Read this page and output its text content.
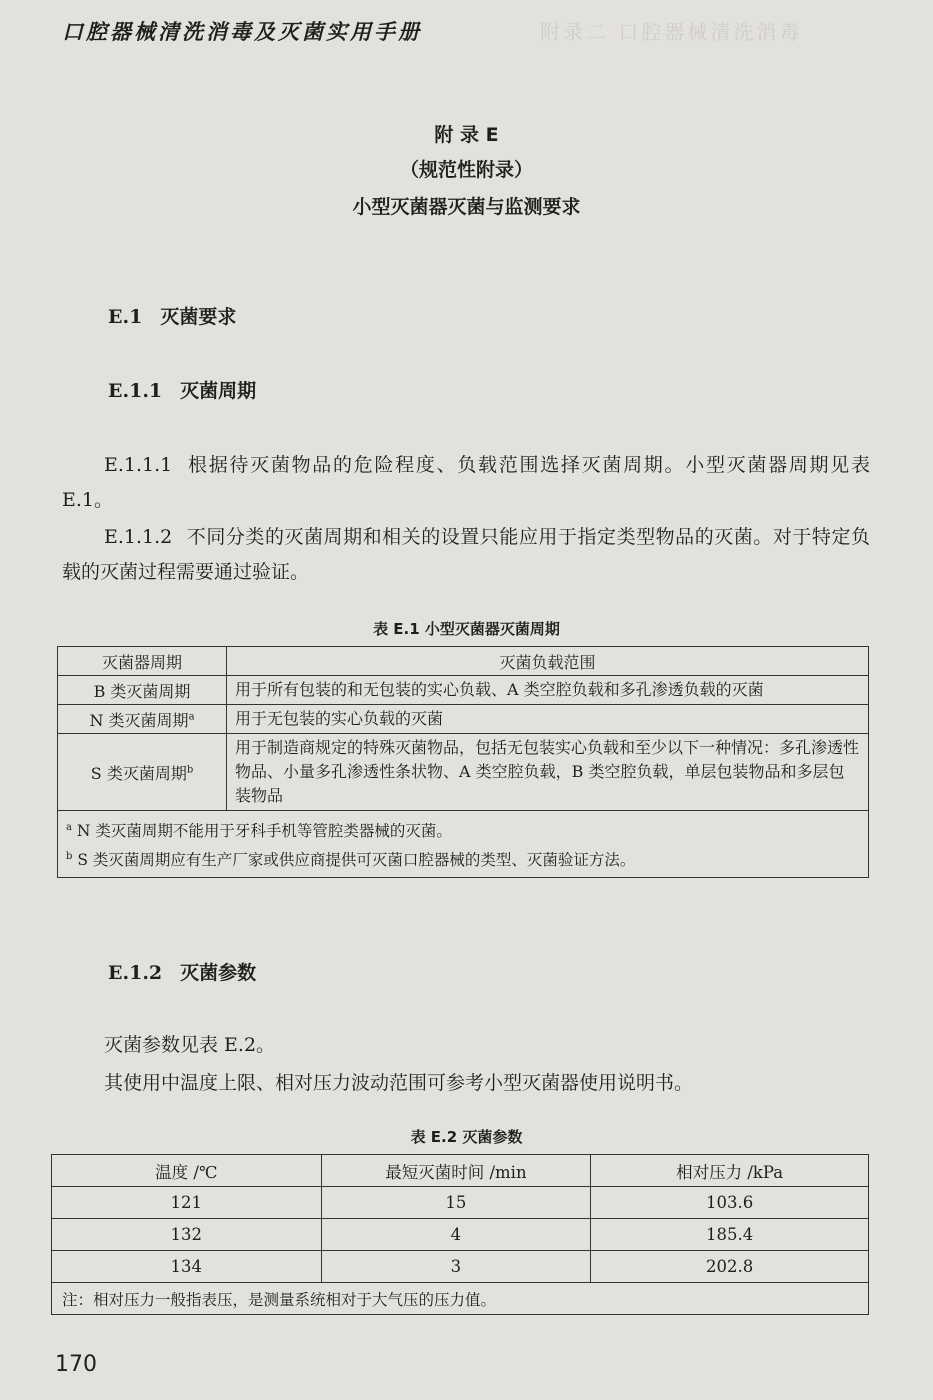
口腔器械清洗消毒及灭菌实用手册	附录二 口腔器械清洗消毒
附 录 E
（规范性附录）
小型灭菌器灭菌与监测要求
E.1 灭菌要求
E.1.1 灭菌周期
E.1.1.1 根据待灭菌物品的危险程度、负载范围选择灭菌周期。小型灭菌器周期见表 E.1。
E.1.1.2 不同分类的灭菌周期和相关的设置只能应用于指定类型物品的灭菌。对于特定负载的灭菌过程需要通过验证。
表 E.1 小型灭菌器灭菌周期
灭菌器周期	灭菌负载范围
B 类灭菌周期	用于所有包装的和无包装的实心负载、A 类空腔负载和多孔渗透负载的灭菌
N 类灭菌周期$^a$	用于无包装的实心负载的灭菌
S 类灭菌周期$^b$	用于制造商规定的特殊灭菌物品，包括无包装实心负载和至少以下一种情况：多孔渗透性物品、小量多孔渗透性条状物、A 类空腔负载，B 类空腔负载，单层包装物品和多层包装物品

$^a$ N 类灭菌周期不能用于牙科手机等管腔类器械的灭菌。
$^b$ S 类灭菌周期应有生产厂家或供应商提供可灭菌口腔器械的类型、灭菌验证方法。	
E.1.2 灭菌参数
灭菌参数见表 E.2。
其使用中温度上限、相对压力波动范围可参考小型灭菌器使用说明书。
表 E.2 灭菌参数
温度 /℃	最短灭菌时间 /min	相对压力 /kPa
121	15	103.6
132	4	185.4
134	3	202.8
注：相对压力一般指表压，是测量系统相对于大气压的压力值。		
170
